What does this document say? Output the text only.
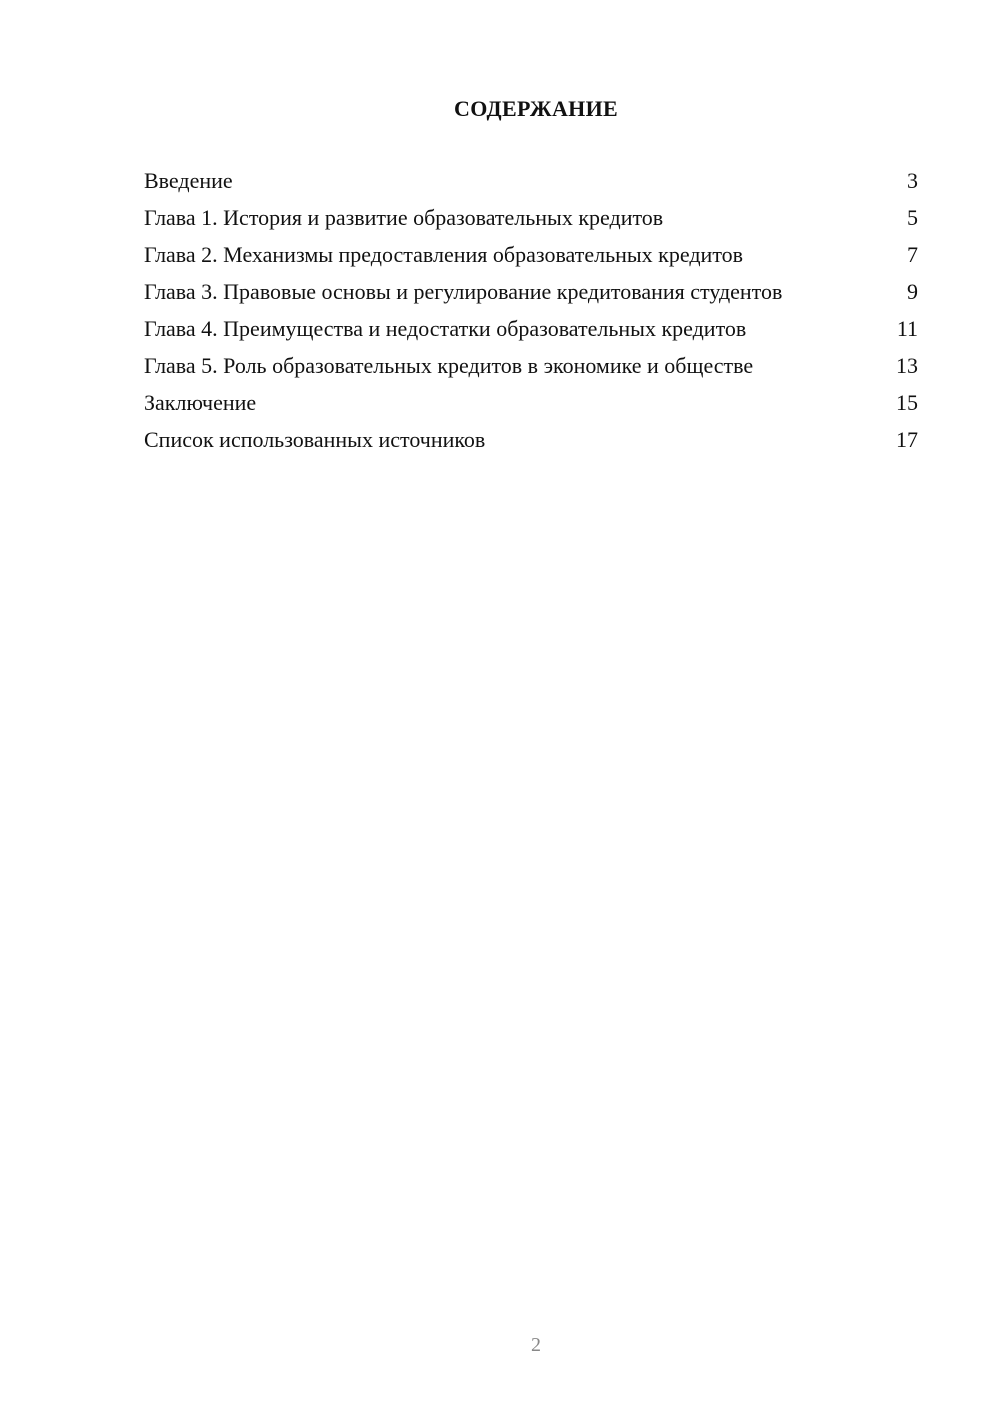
СОДЕРЖАНИЕ
Введение	3
Глава 1. История и развитие образовательных кредитов	5
Глава 2. Механизмы предоставления образовательных кредитов	7
Глава 3. Правовые основы и регулирование кредитования студентов	9
Глава 4. Преимущества и недостатки образовательных кредитов	11
Глава 5. Роль образовательных кредитов в экономике и обществе	13
Заключение	15
Список использованных источников	17
2
